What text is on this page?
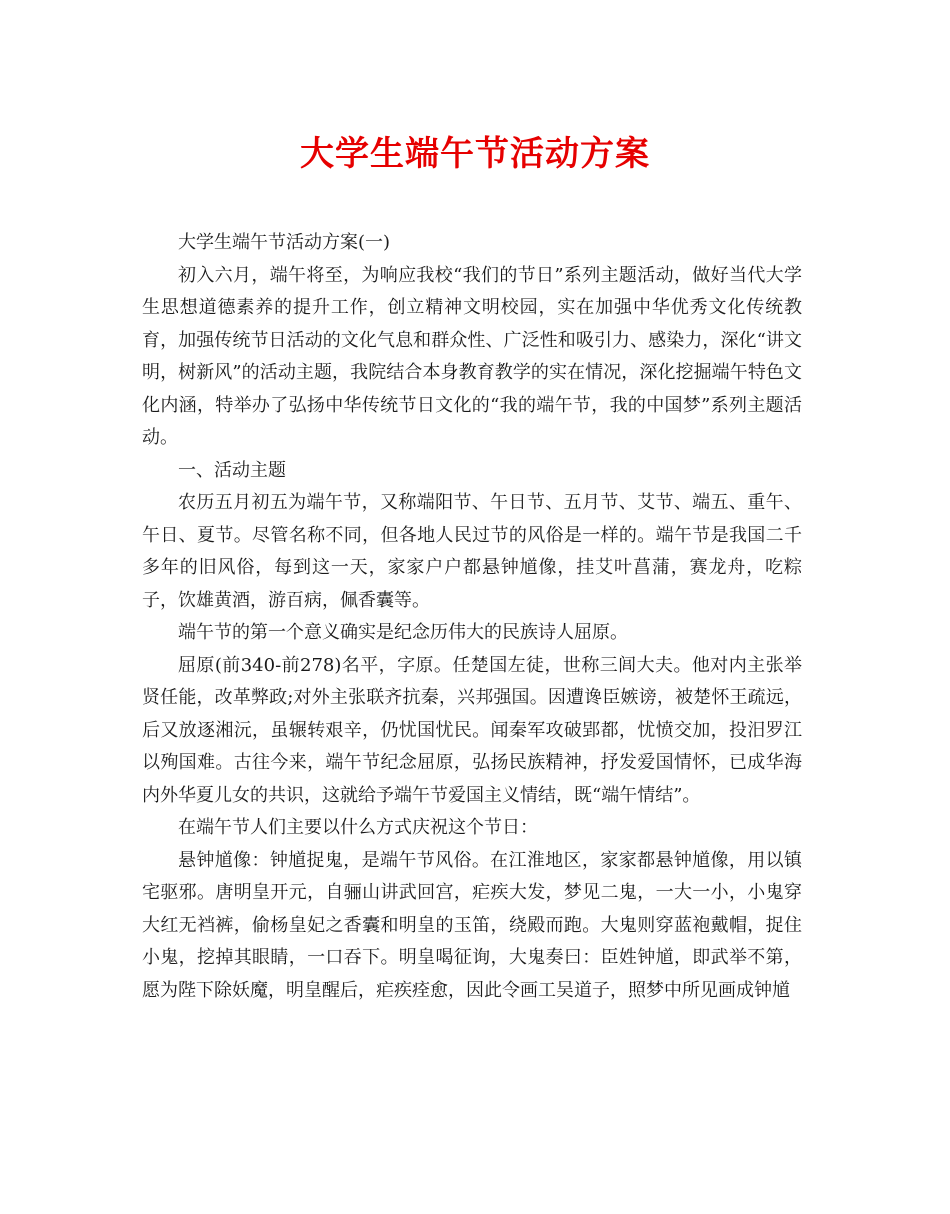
大学生端午节活动方案

大学生端午节活动方案(一)

初入六月，端午将至，为响应我校“我们的节日”系列主题活动，做好当代大学生思想道德素养的提升工作，创立精神文明校园，实在加强中华优秀文化传统教育，加强传统节日活动的文化气息和群众性、广泛性和吸引力、感染力，深化“讲文明，树新风”的活动主题，我院结合本身教育教学的实在情况，深化挖掘端午特色文化内涵，特举办了弘扬中华传统节日文化的“我的端午节，我的中国梦”系列主题活动。

一、活动主题

农历五月初五为端午节，又称端阳节、午日节、五月节、艾节、端五、重午、午日、夏节。尽管名称不同，但各地人民过节的风俗是一样的。端午节是我国二千多年的旧风俗，每到这一天，家家户户都悬钟馗像，挂艾叶菖蒲，赛龙舟，吃粽子，饮雄黄酒，游百病，佩香囊等。

端午节的第一个意义确实是纪念历伟大的民族诗人屈原。

屈原(前340-前278)名平，字原。任楚国左徒，世称三闾大夫。他对内主张举贤任能，改革弊政;对外主张联齐抗秦，兴邦强国。因遭谗臣嫉谤，被楚怀王疏远，后又放逐湘沅，虽辗转艰辛，仍忧国忧民。闻秦军攻破郢都，忧愤交加，投汨罗江以殉国难。古往今来，端午节纪念屈原，弘扬民族精神，抒发爱国情怀，已成华海内外华夏儿女的共识，这就给予端午节爱国主义情结，既“端午情结”。

在端午节人们主要以什么方式庆祝这个节日：

悬钟馗像：钟馗捉鬼，是端午节风俗。在江淮地区，家家都悬钟馗像，用以镇宅驱邪。唐明皇开元，自骊山讲武回宫，疟疾大发，梦见二鬼，一大一小，小鬼穿大红无裆裤，偷杨皇妃之香囊和明皇的玉笛，绕殿而跑。大鬼则穿蓝袍戴帽，捉住小鬼，挖掉其眼睛，一口吞下。明皇喝征询，大鬼奏曰：臣姓钟馗，即武举不第，愿为陛下除妖魔，明皇醒后，疟疾痊愈，因此令画工吴道子，照梦中所见画成钟馗
